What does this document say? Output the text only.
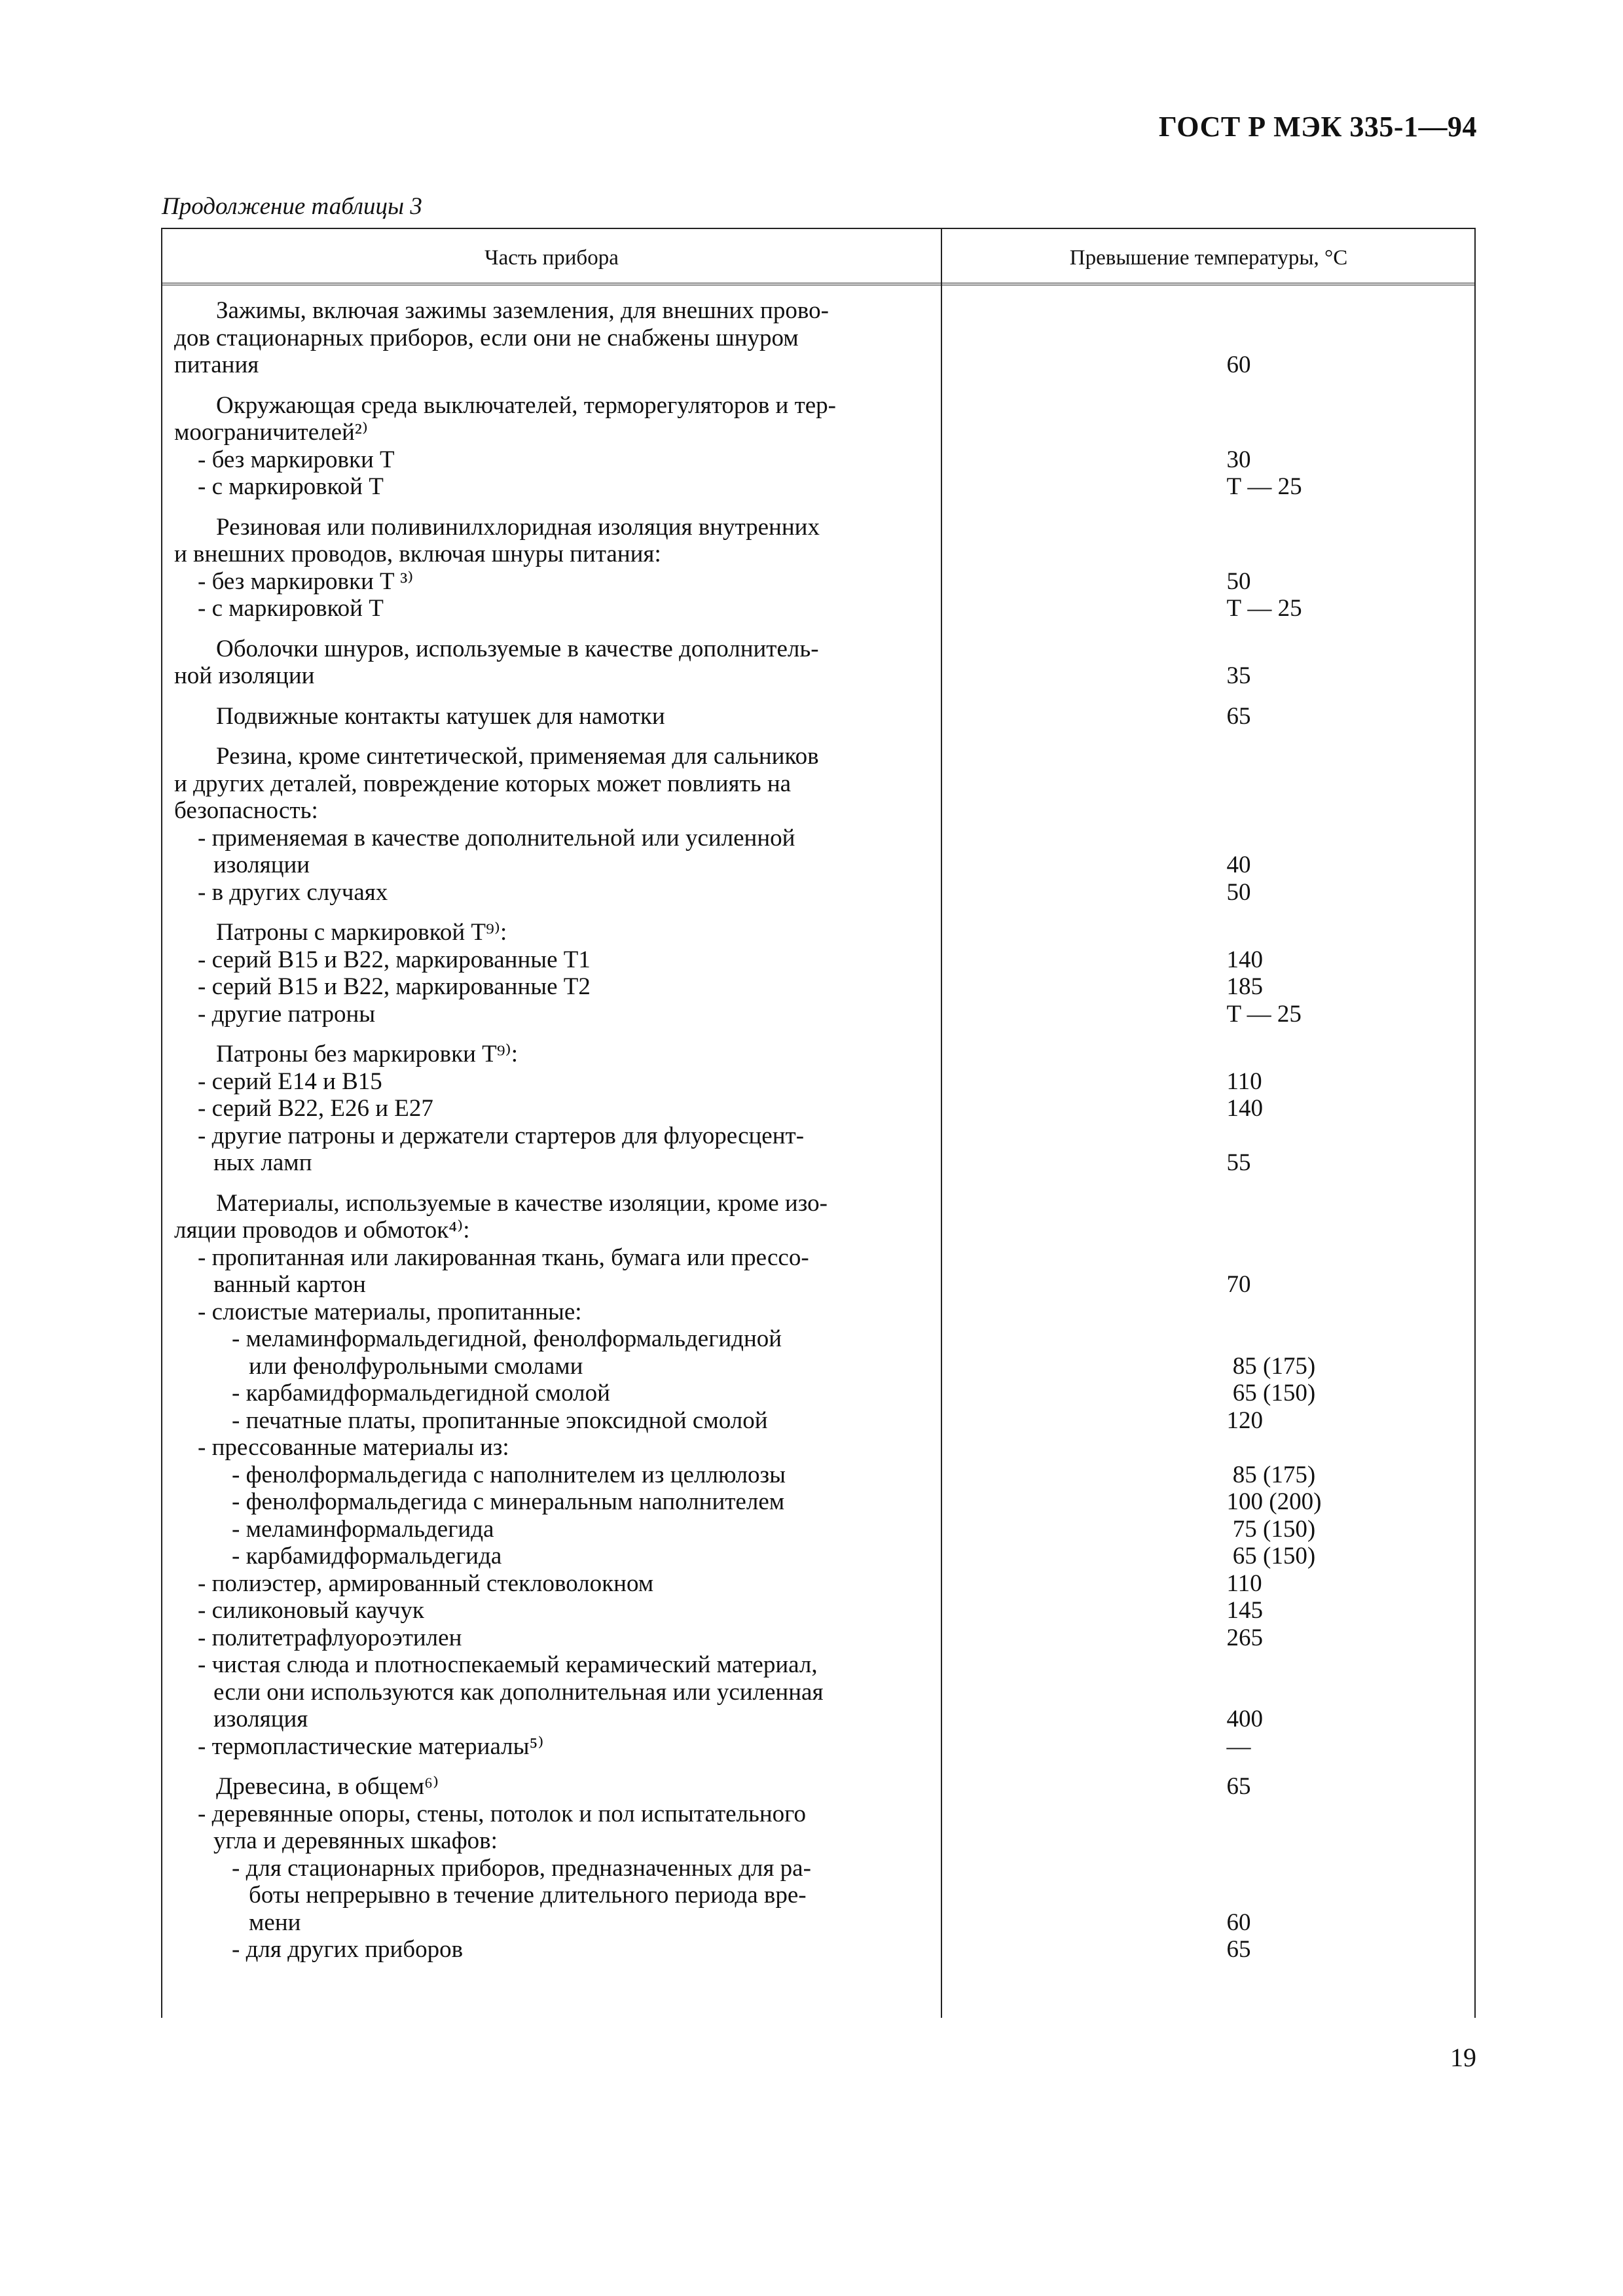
ГОСТ Р МЭК 335-1—94
Продолжение таблицы 3
Часть прибора	Превышение температуры, °С
Зажимы, включая зажимы заземления, для внешних прово-
дов стационарных приборов, если они не снабжены шнуром
питания	60
Окружающая среда выключателей, терморегуляторов и тер-
моограничителей²⁾
- без маркировки T	30
- с маркировкой T	Т — 25
Резиновая или поливинилхлоридная изоляция внутренних
и внешних проводов, включая шнуры питания:
- без маркировки T ³⁾	50
- с маркировкой T	Т — 25
Оболочки шнуров, используемые в качестве дополнитель-
ной изоляции	35
Подвижные контакты катушек для намотки	65
Резина, кроме синтетической, применяемая для сальников
и других деталей, повреждение которых может повлиять на
безопасность:
- применяемая в качестве дополнительной или усиленной
изоляции	40
- в других случаях	50
Патроны с маркировкой T⁹⁾:
- серий B15 и B22, маркированные T1	140
- серий B15 и B22, маркированные T2	185
- другие патроны	T — 25
Патроны без маркировки T⁹⁾:
- серий E14 и B15	110
- серий B22, E26 и E27	140
- другие патроны и держатели стартеров для флуоресцент-
ных ламп	55
Материалы, используемые в качестве изоляции, кроме изо-
ляции проводов и обмоток⁴⁾:
- пропитанная или лакированная ткань, бумага или прессо-
ванный картон	70
- слоистые материалы, пропитанные:
- меламинформальдегидной, фенолформальдегидной
или фенолфурольными смолами	85 (175)
- карбамидформальдегидной смолой	65 (150)
- печатные платы, пропитанные эпоксидной смолой	120
- прессованные материалы из:
- фенолформальдегида с наполнителем из целлюлозы	85 (175)
- фенолформальдегида с минеральным наполнителем	100 (200)
- меламинформальдегида	75 (150)
- карбамидформальдегида	65 (150)
- полиэстер, армированный стекловолокном	110
- силиконовый каучук	145
- политетрафлуороэтилен	265
- чистая слюда и плотноспекаемый керамический материал,
если они используются как дополнительная или усиленная
изоляция	400
- термопластические материалы⁵⁾	—
Древесина, в общем⁶⁾	65
- деревянные опоры, стены, потолок и пол испытательного
угла и деревянных шкафов:
- для стационарных приборов, предназначенных для ра-
боты непрерывно в течение длительного периода вре-
мени	60
- для других приборов	65
19
